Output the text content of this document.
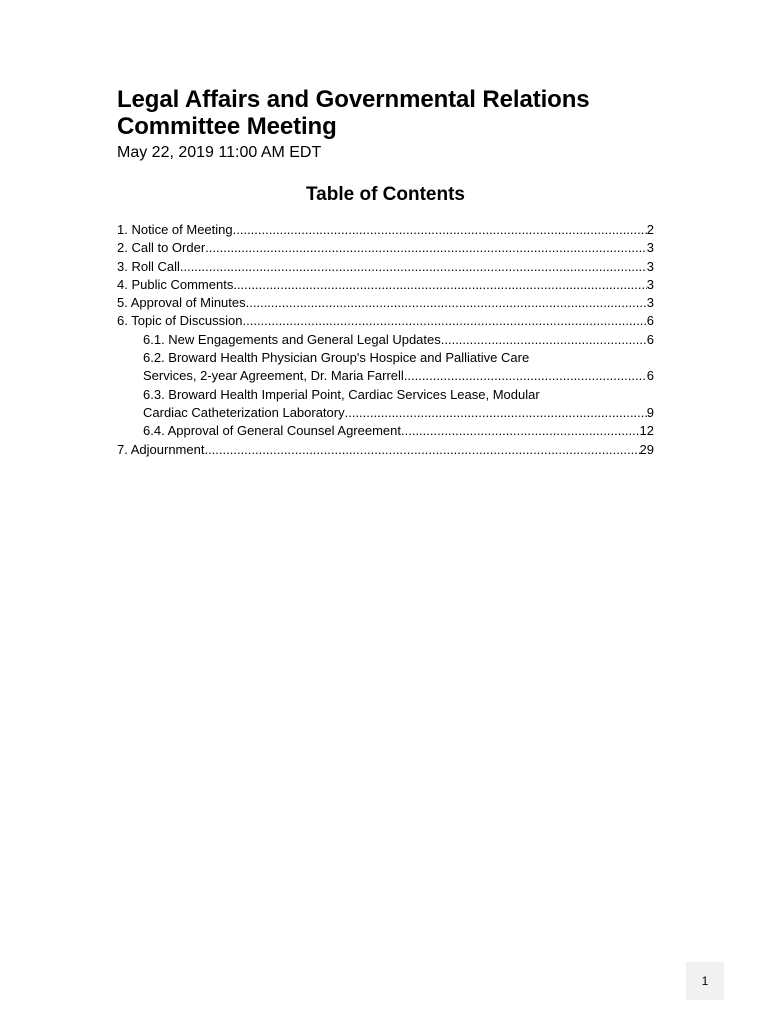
Legal Affairs and Governmental Relations
Committee Meeting
May 22, 2019 11:00 AM EDT
Table of Contents
1. Notice of Meeting .....	2
2. Call to Order .....	3
3. Roll Call .....	3
4. Public Comments .....	3
5. Approval of Minutes .....	3
6. Topic of Discussion .....	6
6.1. New Engagements and General Legal Updates .....	6
6.2. Broward Health Physician Group's Hospice and Palliative Care
Services, 2-year Agreement, Dr. Maria Farrell .....	6
6.3. Broward Health Imperial Point, Cardiac Services Lease, Modular
Cardiac Catheterization Laboratory .....	9
6.4. Approval of General Counsel Agreement .....	12
7. Adjournment .....	29
1
